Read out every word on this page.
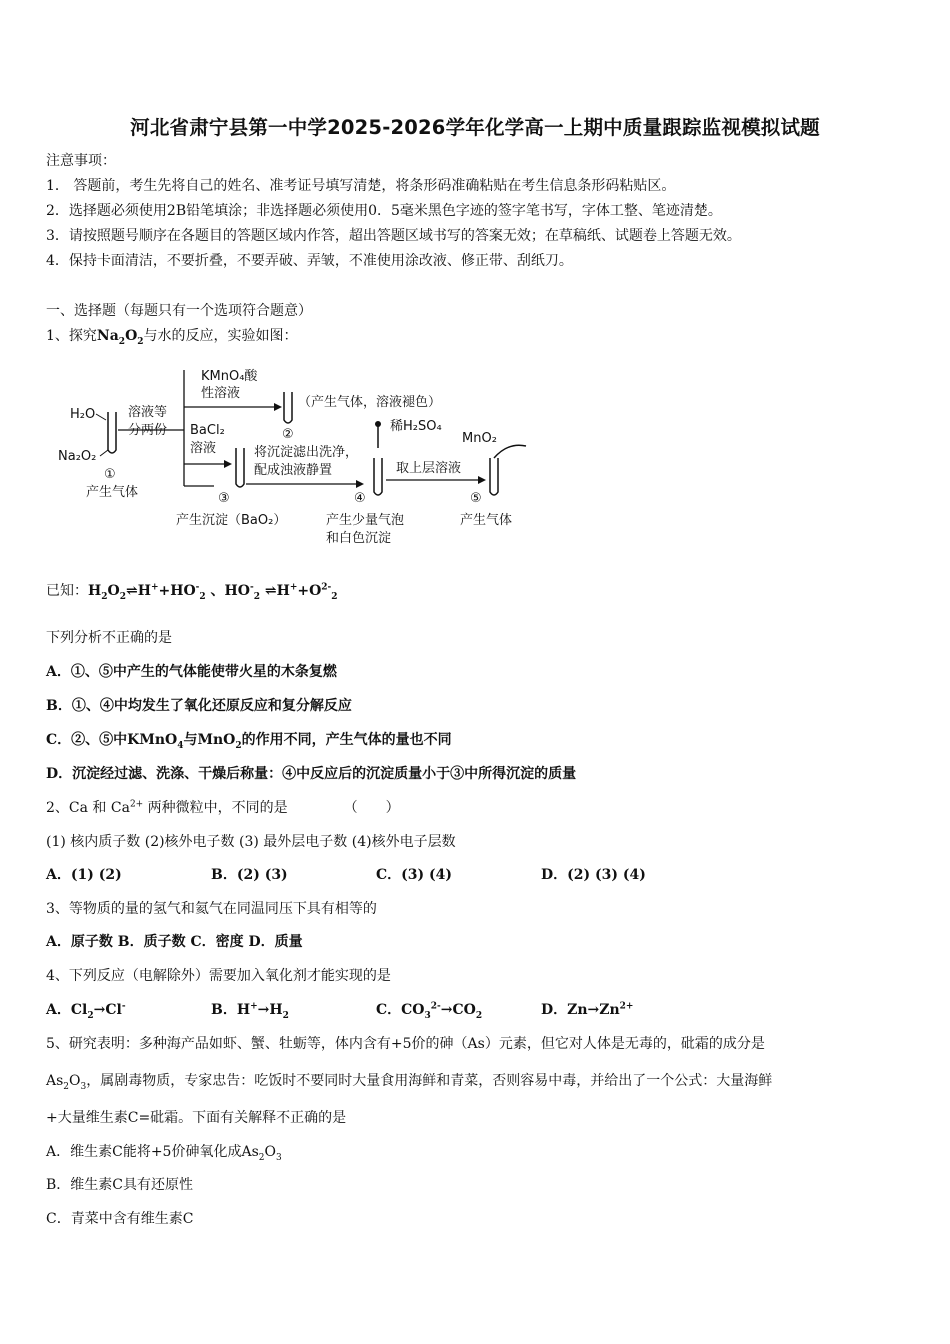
河北省肃宁县第一中学2025-2026学年化学高一上期中质量跟踪监视模拟试题
注意事项：
1． 答题前，考生先将自己的姓名、准考证号填写清楚，将条形码准确粘贴在考生信息条形码粘贴区。
2．选择题必须使用2B铅笔填涂；非选择题必须使用0．5毫米黑色字迹的签字笔书写，字体工整、笔迹清楚。
3．请按照题号顺序在各题目的答题区域内作答，超出答题区域书写的答案无效；在草稿纸、试题卷上答题无效。
4．保持卡面清洁，不要折叠，不要弄破、弄皱，不准使用涂改液、修正带、刮纸刀。
一、选择题（每题只有一个选项符合题意）
1、探究$Na_2O_2$与水的反应，实验如图：
H₂O
Na₂O₂
①
产生气体
溶液等
分两份
KMnO₄酸
性溶液
②
（产生气体，溶液褪色）
BaCl₂
溶液
③
产生沉淀（BaO₂）
将沉淀滤出洗净，
配成浊液静置
稀H₂SO₄
④
产生少量气泡
和白色沉淀
取上层溶液
MnO₂
⑤
产生气体
已知：$H_2O_2\rightleftharpoons H^++HO^-_2$ 、$HO^-_2$ $\rightleftharpoons H^++O^{2-}_2$
下列分析不正确的是
A．①、⑤中产生的气体能使带火星的木条复燃
B．①、④中均发生了氧化还原反应和复分解反应
C．②、⑤中KMnO$_4$与MnO$_2$的作用不同，产生气体的量也不同
D．沉淀经过滤、洗涤、干燥后称量：④中反应后的沉淀质量小于③中所得沉淀的质量
2、Ca 和 $Ca^{2+}$ 两种微粒中，不同的是	（　　）
(1) 核内质子数 (2)核外电子数 (3) 最外层电子数 (4)核外电子层数
A．(1) (2)	B．(2) (3)	C．(3) (4)	D．(2) (3) (4)
3、等物质的量的氢气和氦气在同温同压下具有相等的
A．原子数 B．质子数 C．密度 D．质量
4、下列反应（电解除外）需要加入氧化剂才能实现的是
A．$Cl_2\to Cl^-$	B．$H^+\to H_2$	C．$CO_3^{2-}\to CO_2$	D．$Zn\to Zn^{2+}$
5、研究表明：多种海产品如虾、蟹、牡蛎等，体内含有+5价的砷（As）元素，但它对人体是无毒的，砒霜的成分是
$As_2O_3$，属剧毒物质，专家忠告：吃饭时不要同时大量食用海鲜和青菜，否则容易中毒，并给出了一个公式：大量海鲜
+大量维生素C=砒霜。下面有关解释不正确的是
A．维生素C能将+5价砷氧化成$As_2O_3$
B．维生素C具有还原性
C．青菜中含有维生素C
